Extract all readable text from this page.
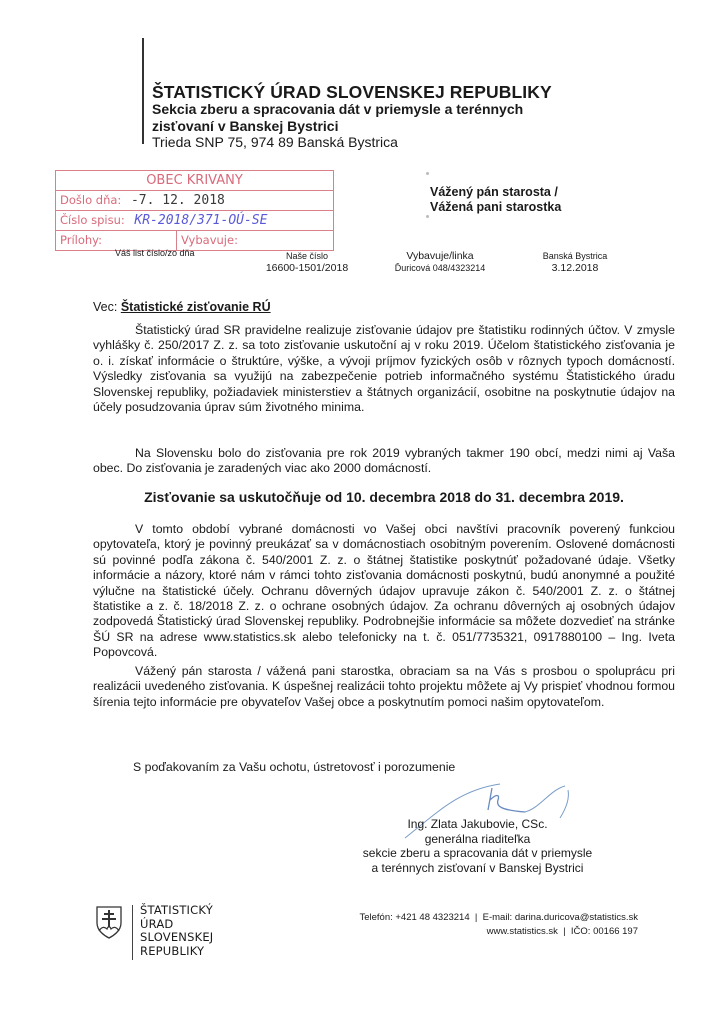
ŠTATISTICKÝ ÚRAD SLOVENSKEJ REPUBLIKY
Sekcia zberu a spracovania dát v priemysle a terénnych
zisťovaní v Banskej Bystrici
Trieda SNP 75, 974 89 Banská Bystrica
OBEC KRIVANY
Došlo dňa: -7. 12. 2018
Číslo spisu: KR-2018/371-OÚ-SE
Prílohy:	Vybavuje:
Vážený pán starosta /
Vážená pani starostka
Váš list číslo/zo dňa	Naše číslo
16600-1501/2018
Vybavuje/linka
Ďuricová 048/4323214
Banská Bystrica
3.12.2018
Vec: Štatistické zisťovanie RÚ
Štatistický úrad SR pravidelne realizuje zisťovanie údajov pre štatistiku rodinných účtov. V zmysle vyhlášky č. 250/2017 Z. z. sa toto zisťovanie uskutoční aj v roku 2019. Účelom štatistického zisťovania je o. i. získať informácie o štruktúre, výške, a vývoji príjmov fyzických osôb v rôznych typoch domácností. Výsledky zisťovania sa využijú na zabezpečenie potrieb informačného systému Štatistického úradu Slovenskej republiky, požiadaviek ministerstiev a štátnych organizácií, osobitne na poskytnutie údajov na účely posudzovania úprav súm životného minima.
Na Slovensku bolo do zisťovania pre rok 2019 vybraných takmer 190 obcí, medzi nimi aj Vaša obec. Do zisťovania je zaradených viac ako 2000 domácností.
Zisťovanie sa uskutočňuje od 10. decembra 2018 do 31. decembra 2019.
V tomto období vybrané domácnosti vo Vašej obci navštívi pracovník poverený funkciou opytovateľa, ktorý je povinný preukázať sa v domácnostiach osobitným poverením. Oslovené domácnosti sú povinné podľa zákona č. 540/2001 Z. z. o štátnej štatistike poskytnúť požadované údaje. Všetky informácie a názory, ktoré nám v rámci tohto zisťovania domácnosti poskytnú, budú anonymné a použité výlučne na štatistické účely. Ochranu dôverných údajov upravuje zákon č. 540/2001 Z. z. o štátnej štatistike a z. č. 18/2018 Z. z. o ochrane osobných údajov. Za ochranu dôverných aj osobných údajov zodpovedá Štatistický úrad Slovenskej republiky. Podrobnejšie informácie sa môžete dozvedieť na stránke ŠÚ SR na adrese www.statistics.sk alebo telefonicky na t. č. 051/7735321, 0917880100 – Ing. Iveta Popovcová.
Vážený pán starosta / vážená pani starostka, obraciam sa na Vás s prosbou o spoluprácu pri realizácii uvedeného zisťovania. K úspešnej realizácii tohto projektu môžete aj Vy prispieť vhodnou formou šírenia tejto informácie pre obyvateľov Vašej obce a poskytnutím pomoci našim opytovateľom.
S poďakovaním za Vašu ochotu, ústretovosť i porozumenie
Ing. Zlata Jakubovie, CSc.
generálna riaditeľka
sekcie zberu a spracovania dát v priemysle
a terénnych zisťovaní v Banskej Bystrici
ŠTATISTICKÝ
ÚRAD
SLOVENSKEJ
REPUBLIKY
Telefón: +421 48 4323214 | E-mail: darina.duricova@statistics.sk
www.statistics.sk | IČO: 00166 197
